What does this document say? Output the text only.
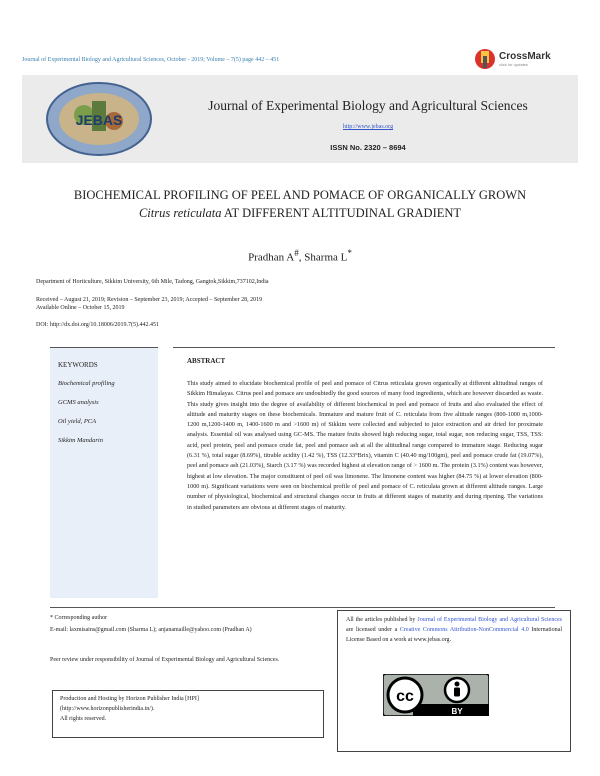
Journal of Experimental Biology and Agricultural Sciences, October - 2019; Volume – 7(5) page 442 – 451	CrossMark
click for updates
JEBAS
Journal of Experimental Biology and Agricultural Sciences
http://www.jebas.org
ISSN No. 2320 – 8694
BIOCHEMICAL PROFILING OF PEEL AND POMACE OF ORGANICALLY GROWN
Citrus reticulata AT DIFFERENT ALTITUDINAL GRADIENT
Pradhan A#, Sharma L*
Department of Horticulture, Sikkim University, 6th Mile, Tadong, Gangtok,Sikkim,737102,India
Received – August 21, 2019; Revision – September 23, 2019; Accepted – September 28, 2019
Available Online – October 15, 2019
DOI: http://dx.doi.org/10.18006/2019.7(5).442.451
KEYWORDS
Biochemical profiling
GCMS analysis
Oil yield, PCA
Sikkim Mandarin
ABSTRACT
This study aimed to elucidate biochemical profile of peel and pomace of Citrus reticulata grown organically at different altitudinal ranges of Sikkim Himalayas. Citrus peel and pomace are undoubtedly the good sources of many food ingredients, which are however discarded as waste. This study gives insight into the degree of availability of different biochemical in peel and pomace of fruits and also evaluated the effect of altitude and maturity stages on these biochemicals. Immature and mature fruit of C. reticulata from five altitude ranges (800-1000 m,1000-1200 m,1200-1400 m, 1400-1600 m and >1600 m) of Sikkim were collected and subjected to juice extraction and air dried for proximate analysis. Essential oil was analysed using GC-MS. The mature fruits showed high reducing sugar, total sugar, non reducing sugar, TSS, TSS: acid, peel protein, peel and pomace crude fat, peel and pomace ash at all the altitudinal range compared to immature stage. Reducing sugar (6.31 %), total sugar (8.69%), titrable acidity (1.42 %), TSS (12.33°Brix), vitamin C (40.40 mg/100gm), peel and pomace crude fat (19.07%), peel and pomace ash (21.03%), Starch (3.17 %) was recorded highest at elevation range of > 1600 m. The protein (3.1%) content was however, highest at low elevation. The major constituent of peel oil was limonene. The limonene content was higher (84.75 %) at lower elevation (800-1000 m). Significant variations were seen on biochemical profile of peel and pomace of C. reticulata grown at different altitude ranges. Large number of physiological, biochemical and structural changes occur in fruits at different stages of maturity and during ripening. The variations in studied parameters are obvious at different stages of maturity.
* Corresponding author
E-mail: laxmisains@gmail.com (Sharma L); anjanamaille@yahoo.com (Pradhan A)
Peer review under responsibility of Journal of Experimental Biology and Agricultural Sciences.
Production and Hosting by Horizon Publisher India [HPI]
(http://www.horizonpublisherindia.in/).
All rights reserved.
All the articles published by Journal of Experimental Biology and Agricultural Sciences are licensed under a Creative Commons Attribution-NonCommercial 4.0 International License Based on a work at www.jebas.org.
cc
BY
